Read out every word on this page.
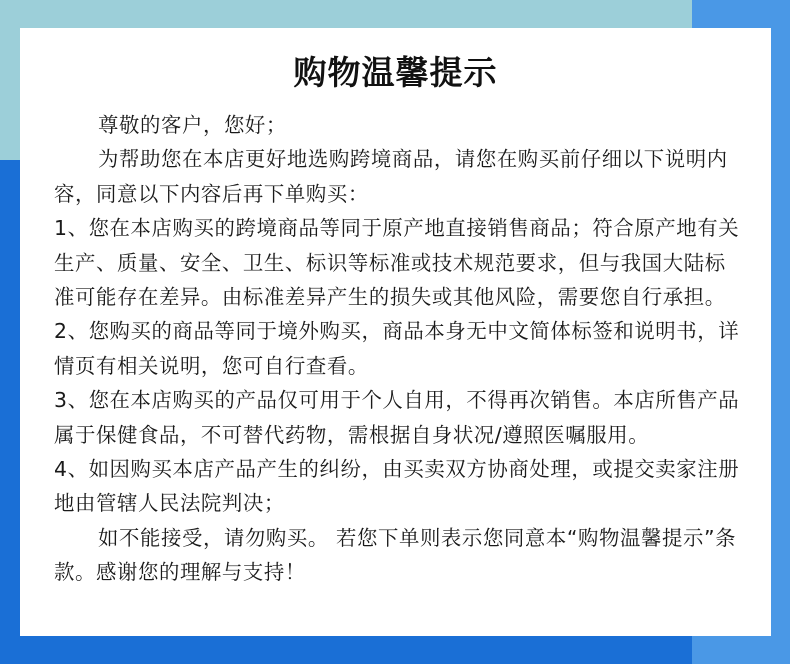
购物温馨提示

尊敬的客户，您好；

为帮助您在本店更好地选购跨境商品，请您在购买前仔细以下说明内容，同意以下内容后再下单购买：

1、您在本店购买的跨境商品等同于原产地直接销售商品；符合原产地有关生产、质量、安全、卫生、标识等标准或技术规范要求，但与我国大陆标准可能存在差异。由标准差异产生的损失或其他风险，需要您自行承担。

2、您购买的商品等同于境外购买，商品本身无中文简体标签和说明书，详情页有相关说明，您可自行查看。

3、您在本店购买的产品仅可用于个人自用，不得再次销售。本店所售产品属于保健食品，不可替代药物，需根据自身状况/遵照医嘱服用。

4、如因购买本店产品产生的纠纷，由买卖双方协商处理，或提交卖家注册地由管辖人民法院判决；

如不能接受，请勿购买。 若您下单则表示您同意本“购物温馨提示”条款。感谢您的理解与支持！
